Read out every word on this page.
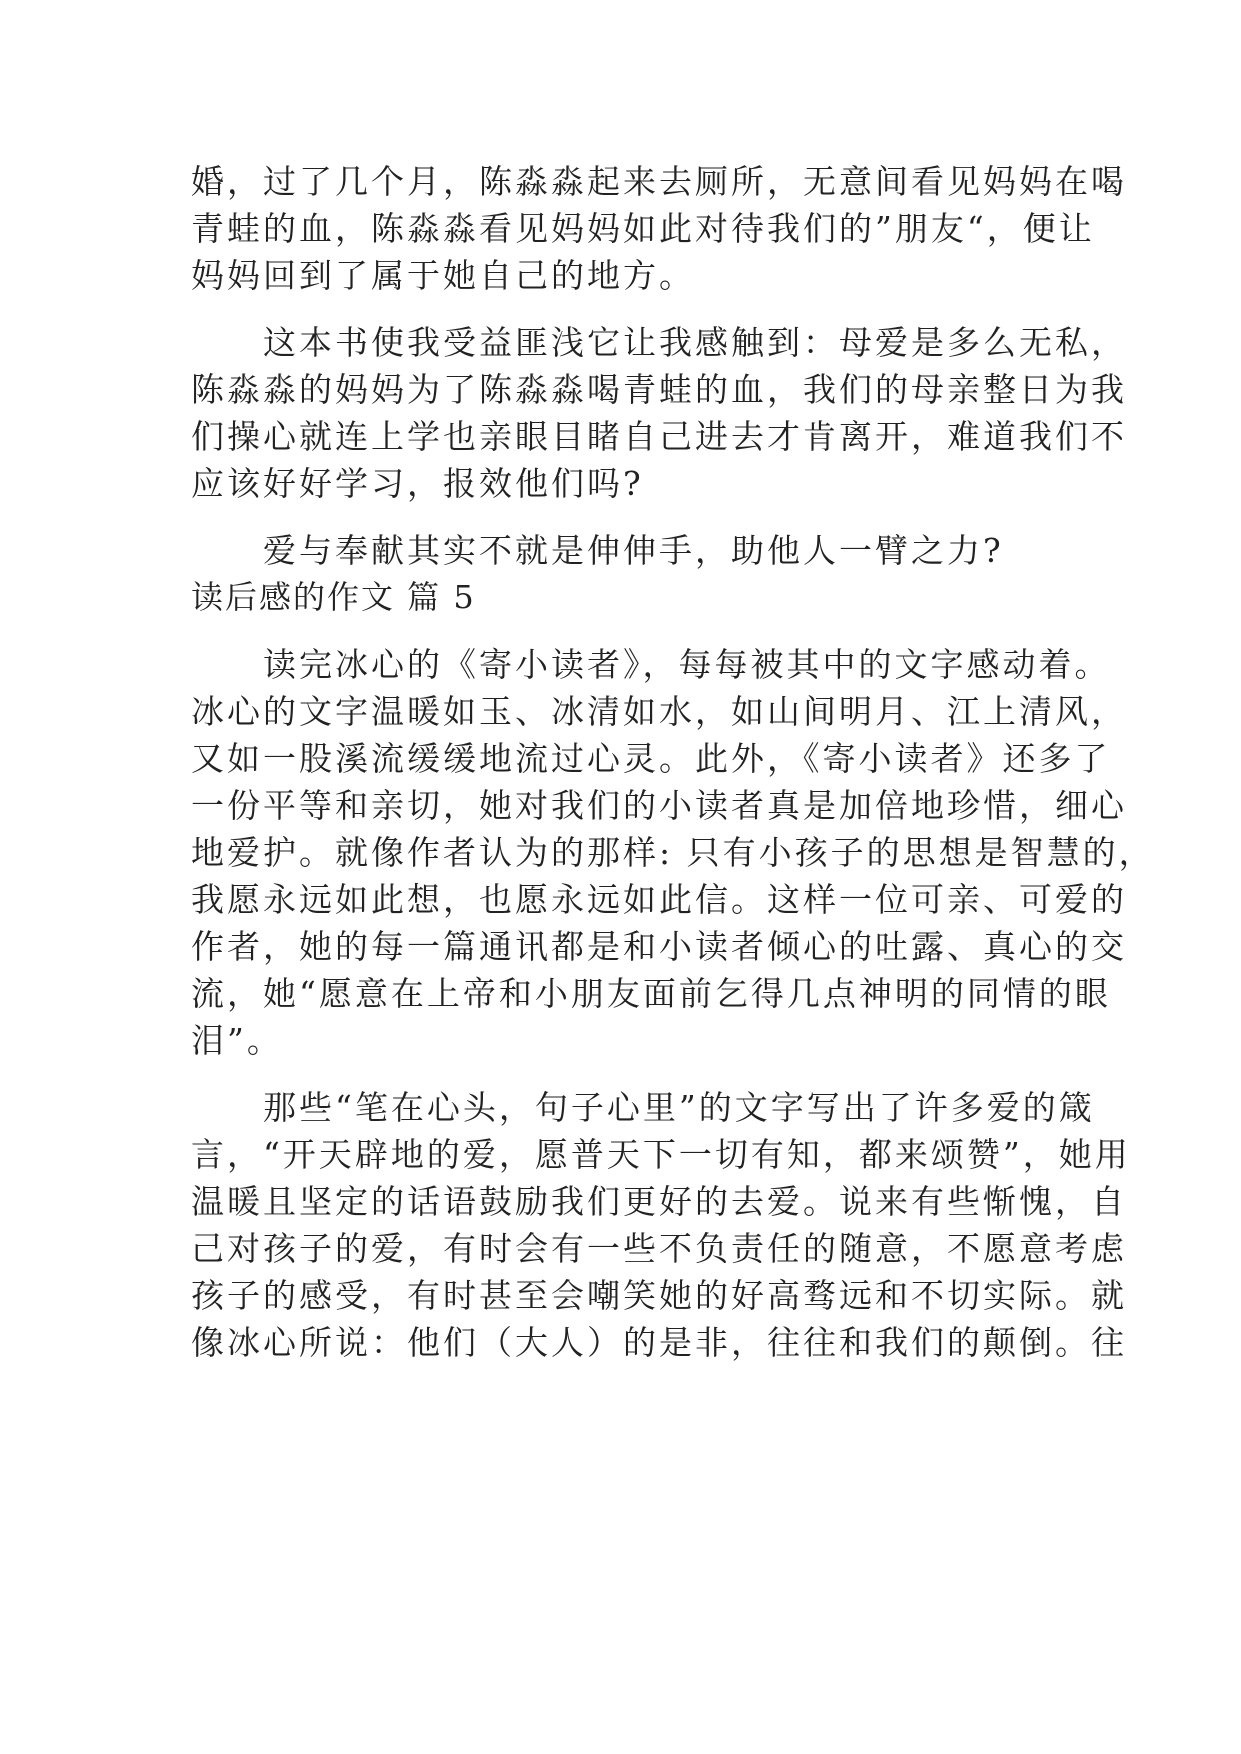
婚，过了几个月，陈淼淼起来去厕所，无意间看见妈妈在喝
青蛙的血，陈淼淼看见妈妈如此对待我们的”朋友“，便让
妈妈回到了属于她自己的地方。
这本书使我受益匪浅它让我感触到：母爱是多么无私，
陈淼淼的妈妈为了陈淼淼喝青蛙的血，我们的母亲整日为我
们操心就连上学也亲眼目睹自己进去才肯离开，难道我们不
应该好好学习，报效他们吗?
爱与奉献其实不就是伸伸手，助他人一臂之力?
读后感的作文 篇 5
读完冰心的《寄小读者》，每每被其中的文字感动着。
冰心的文字温暖如玉、冰清如水，如山间明月、江上清风，
又如一股溪流缓缓地流过心灵。此外，《寄小读者》还多了
一份平等和亲切，她对我们的小读者真是加倍地珍惜，细心
地爱护。就像作者认为的那样: 只有小孩子的思想是智慧的，
我愿永远如此想，也愿永远如此信。这样一位可亲、可爱的
作者，她的每一篇通讯都是和小读者倾心的吐露、真心的交
流，她“愿意在上帝和小朋友面前乞得几点神明的同情的眼
泪”。
那些“笔在心头，句子心里”的文字写出了许多爱的箴
言，“开天辟地的爱，愿普天下一切有知，都来颂赞”，她用
温暖且坚定的话语鼓励我们更好的去爱。说来有些惭愧，自
己对孩子的爱，有时会有一些不负责任的随意，不愿意考虑
孩子的感受，有时甚至会嘲笑她的好高骛远和不切实际。就
像冰心所说：他们（大人）的是非，往往和我们的颠倒。往
